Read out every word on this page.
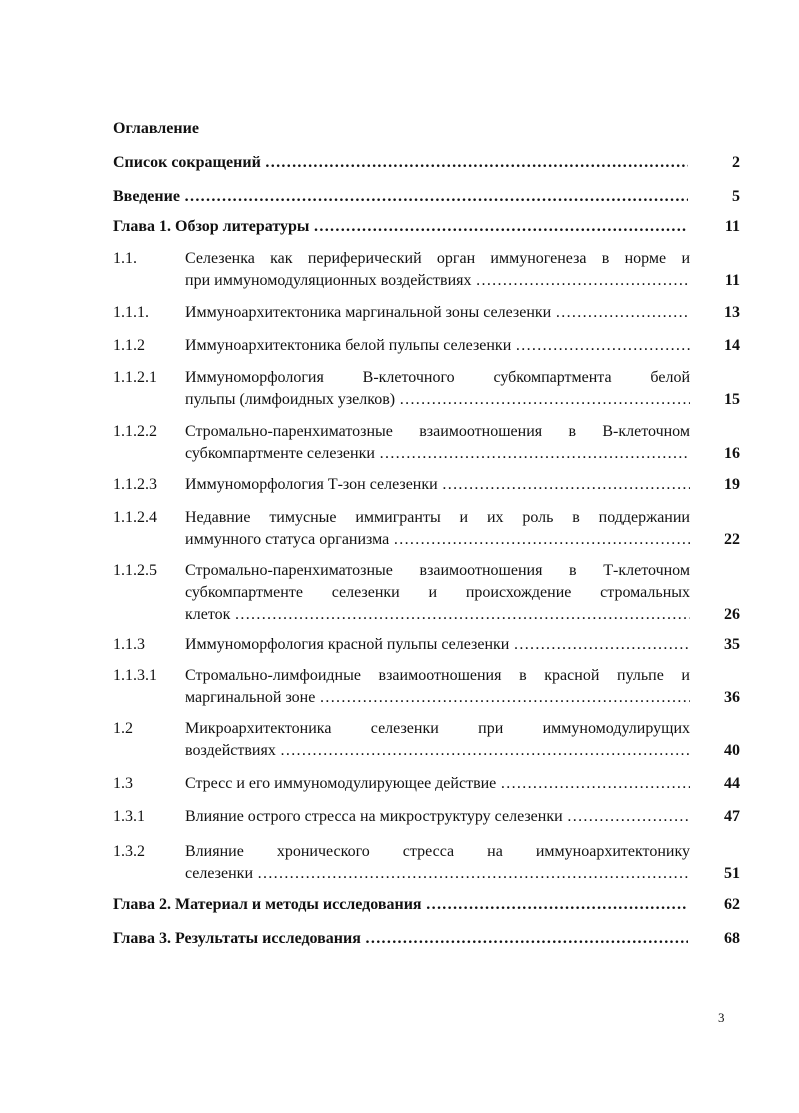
Оглавление
Список сокращений …………………………………………………………………………………………………………………………………………………………………………	2
Введение …………………………………………………………………………………………………………………………………………………………………………	5
Глава 1. Обзор литературы …………………………………………………………………………………………………………………………………………………………………………	11
1.1.	Селезенка как периферический орган иммуногенеза в норме и
при иммуномодуляционных воздействиях …………………………………………………………………………………………………………………………………………………………………………	11
1.1.1. Иммуноархитектоника маргинальной зоны селезенки …………………………………………………………………………………………………………………………………………………………………………	13
1.1.2	Иммуноархитектоника белой пульпы селезенки …………………………………………………………………………………………………………………………………………………………………………	14
1.1.2.1 Иммуноморфология В-клеточного субкомпартмента белой
пульпы (лимфоидных узелков) …………………………………………………………………………………………………………………………………………………………………………	15
1.1.2.2 Стромально-паренхиматозные взаимоотношения в В-клеточном
субкомпартменте селезенки …………………………………………………………………………………………………………………………………………………………………………	16
1.1.2.3 Иммуноморфология Т-зон селезенки …………………………………………………………………………………………………………………………………………………………………………	19
1.1.2.4 Недавние тимусные иммигранты и их роль в поддержании
иммунного статуса организма …………………………………………………………………………………………………………………………………………………………………………	22
1.1.2.5 Стромально-паренхиматозные взаимоотношения в Т-клеточном
субкомпартменте селезенки и происхождение стромальных
клеток …………………………………………………………………………………………………………………………………………………………………………	26
1.1.3	Иммуноморфология красной пульпы селезенки …………………………………………………………………………………………………………………………………………………………………………	35
1.1.3.1 Стромально-лимфоидные взаимоотношения в красной пульпе и
маргинальной зоне …………………………………………………………………………………………………………………………………………………………………………	36
1.2	Микроархитектоника селезенки при иммуномодулирущих
воздействиях …………………………………………………………………………………………………………………………………………………………………………	40
1.3	Стресс и его иммуномодулирующее действие …………………………………………………………………………………………………………………………………………………………………………	44
1.3.1	Влияние острого стресса на микроструктуру селезенки …………………………………………………………………………………………………………………………………………………………………………	47
1.3.2	Влияние хронического стресса на иммуноархитектонику
селезенки …………………………………………………………………………………………………………………………………………………………………………	51
Глава 2. Материал и методы исследования …………………………………………………………………………………………………………………………………………………………………………	62
Глава 3. Результаты исследования …………………………………………………………………………………………………………………………………………………………………………	68
3
